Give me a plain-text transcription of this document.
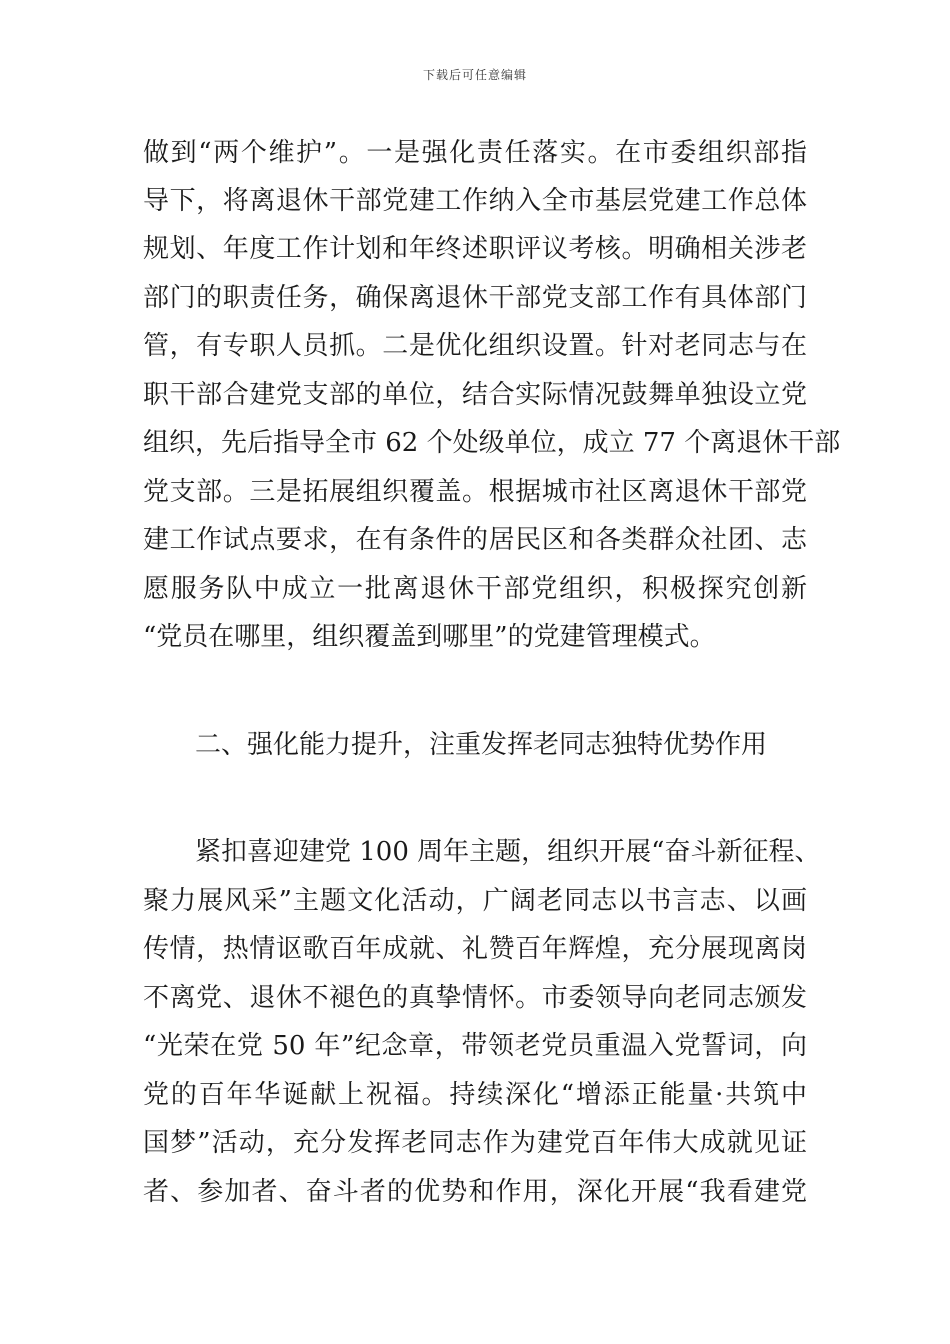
下载后可任意编辑
做到“两个维护”。一是强化责任落实。在市委组织部指
导下，将离退休干部党建工作纳入全市基层党建工作总体
规划、年度工作计划和年终述职评议考核。明确相关涉老
部门的职责任务，确保离退休干部党支部工作有具体部门
管，有专职人员抓。二是优化组织设置。针对老同志与在
职干部合建党支部的单位，结合实际情况鼓舞单独设立党
组织，先后指导全市 62 个处级单位，成立 77 个离退休干部
党支部。三是拓展组织覆盖。根据城市社区离退休干部党
建工作试点要求，在有条件的居民区和各类群众社团、志
愿服务队中成立一批离退休干部党组织，积极探究创新
“党员在哪里，组织覆盖到哪里”的党建管理模式。
二、强化能力提升，注重发挥老同志独特优势作用
紧扣喜迎建党 100 周年主题，组织开展“奋斗新征程、
聚力展风采”主题文化活动，广阔老同志以书言志、以画
传情，热情讴歌百年成就、礼赞百年辉煌，充分展现离岗
不离党、退休不褪色的真挚情怀。市委领导向老同志颁发
“光荣在党 50 年”纪念章，带领老党员重温入党誓词，向
党的百年华诞献上祝福。持续深化“增添正能量·共筑中
国梦”活动，充分发挥老同志作为建党百年伟大成就见证
者、参加者、奋斗者的优势和作用，深化开展“我看建党
